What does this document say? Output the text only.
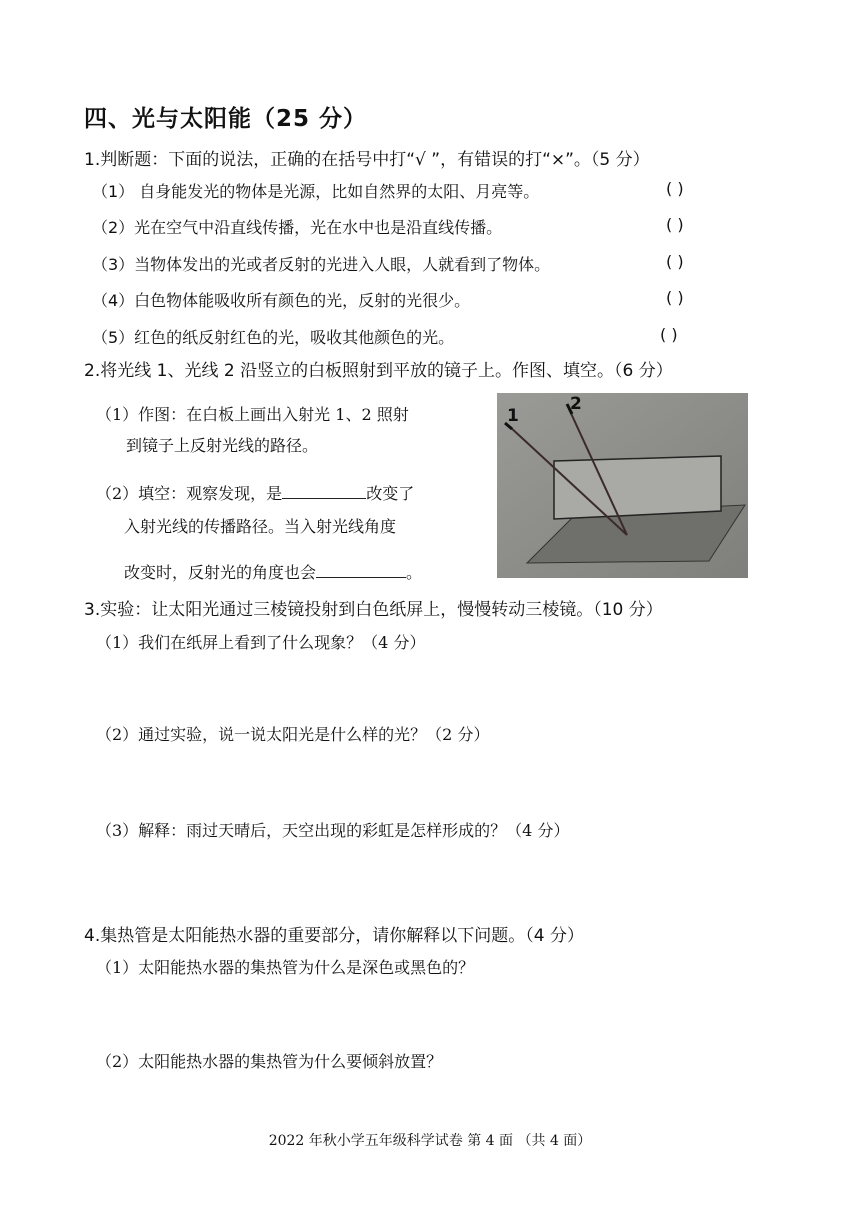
四、光与太阳能（25 分）
1.判断题：下面的说法，正确的在括号中打“√ ”，有错误的打“×”。（5 分）
（1） 自身能发光的物体是光源，比如自然界的太阳、月亮等。	( )
（2）光在空气中沿直线传播，光在水中也是沿直线传播。	( )
（3）当物体发出的光或者反射的光进入人眼，人就看到了物体。	( )
（4）白色物体能吸收所有颜色的光，反射的光很少。	( )
（5）红色的纸反射红色的光，吸收其他颜色的光。	( )
2.将光线 1、光线 2 沿竖立的白板照射到平放的镜子上。作图、填空。（6 分）
（1）作图：在白板上画出入射光 1、2 照射
到镜子上反射光线的路径。
（2）填空：观察发现，是	改变了
入射光线的传播路径。当入射光线角度
改变时，反射光的角度也会	。
1
2
3.实验：让太阳光通过三棱镜投射到白色纸屏上，慢慢转动三棱镜。（10 分）
（1）我们在纸屏上看到了什么现象？（4 分）
（2）通过实验，说一说太阳光是什么样的光？（2 分）
（3）解释：雨过天晴后，天空出现的彩虹是怎样形成的？（4 分）
4.集热管是太阳能热水器的重要部分，请你解释以下问题。（4 分）
（1）太阳能热水器的集热管为什么是深色或黑色的？
（2）太阳能热水器的集热管为什么要倾斜放置？
2022 年秋小学五年级科学试卷 第 4 面 （共 4 面）
